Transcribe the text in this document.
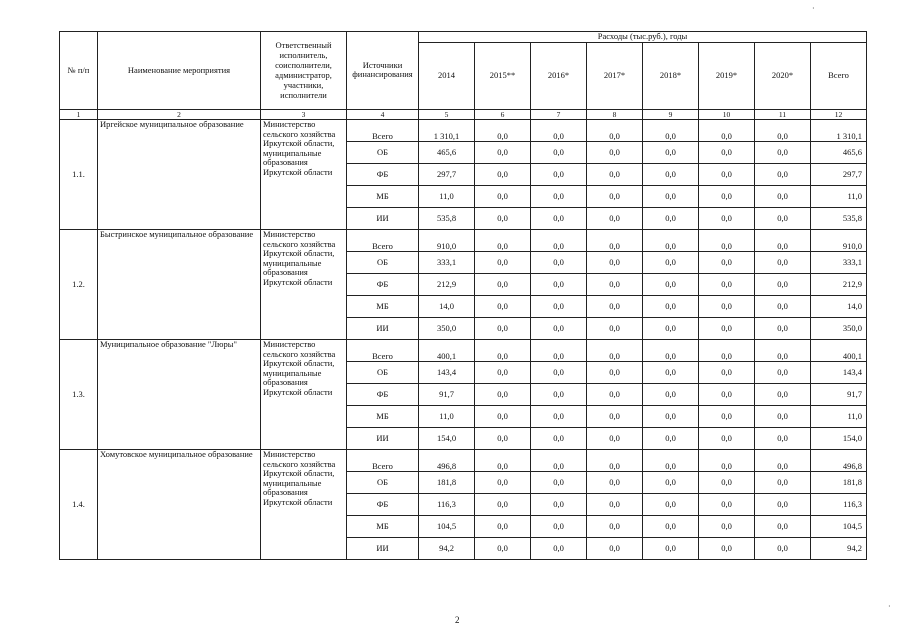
№ п/п	Наименование мероприятия	Ответственный исполнитель, соисполнители, администратор, участники, исполнители	Источники финансирования	Расходы (тыс.руб.), годы							
				2014	2015**	2016*	2017*	2018*	2019*	2020*	Всего
1	2	3	4	5	6	7	8	9	10	11	12
1.1.	Иргейское муниципальное образование	Министерство сельского хозяйства Иркутской области, муниципальные образования Иркутской области	Всего	1 310,1	0,0	0,0	0,0	0,0	0,0	0,0	1 310,1
			ОБ	465,6	0,0	0,0	0,0	0,0	0,0	0,0	465,6
			ФБ	297,7	0,0	0,0	0,0	0,0	0,0	0,0	297,7
			МБ	11,0	0,0	0,0	0,0	0,0	0,0	0,0	11,0
			ИИ	535,8	0,0	0,0	0,0	0,0	0,0	0,0	535,8
1.2.	Быстринское муниципальное образование	Министерство сельского хозяйства Иркутской области, муниципальные образования Иркутской области	Всего	910,0	0,0	0,0	0,0	0,0	0,0	0,0	910,0
			ОБ	333,1	0,0	0,0	0,0	0,0	0,0	0,0	333,1
			ФБ	212,9	0,0	0,0	0,0	0,0	0,0	0,0	212,9
			МБ	14,0	0,0	0,0	0,0	0,0	0,0	0,0	14,0
			ИИ	350,0	0,0	0,0	0,0	0,0	0,0	0,0	350,0
1.3.	Муниципальное образование "Люры"	Министерство сельского хозяйства Иркутской области, муниципальные образования Иркутской области	Всего	400,1	0,0	0,0	0,0	0,0	0,0	0,0	400,1
			ОБ	143,4	0,0	0,0	0,0	0,0	0,0	0,0	143,4
			ФБ	91,7	0,0	0,0	0,0	0,0	0,0	0,0	91,7
			МБ	11,0	0,0	0,0	0,0	0,0	0,0	0,0	11,0
			ИИ	154,0	0,0	0,0	0,0	0,0	0,0	0,0	154,0
1.4.	Хомутовское муниципальное образование	Министерство сельского хозяйства Иркутской области, муниципальные образования Иркутской области	Всего	496,8	0,0	0,0	0,0	0,0	0,0	0,0	496,8
			ОБ	181,8	0,0	0,0	0,0	0,0	0,0	0,0	181,8
			ФБ	116,3	0,0	0,0	0,0	0,0	0,0	0,0	116,3
			МБ	104,5	0,0	0,0	0,0	0,0	0,0	0,0	104,5
			ИИ	94,2	0,0	0,0	0,0	0,0	0,0	0,0	94,2
2
·
·
